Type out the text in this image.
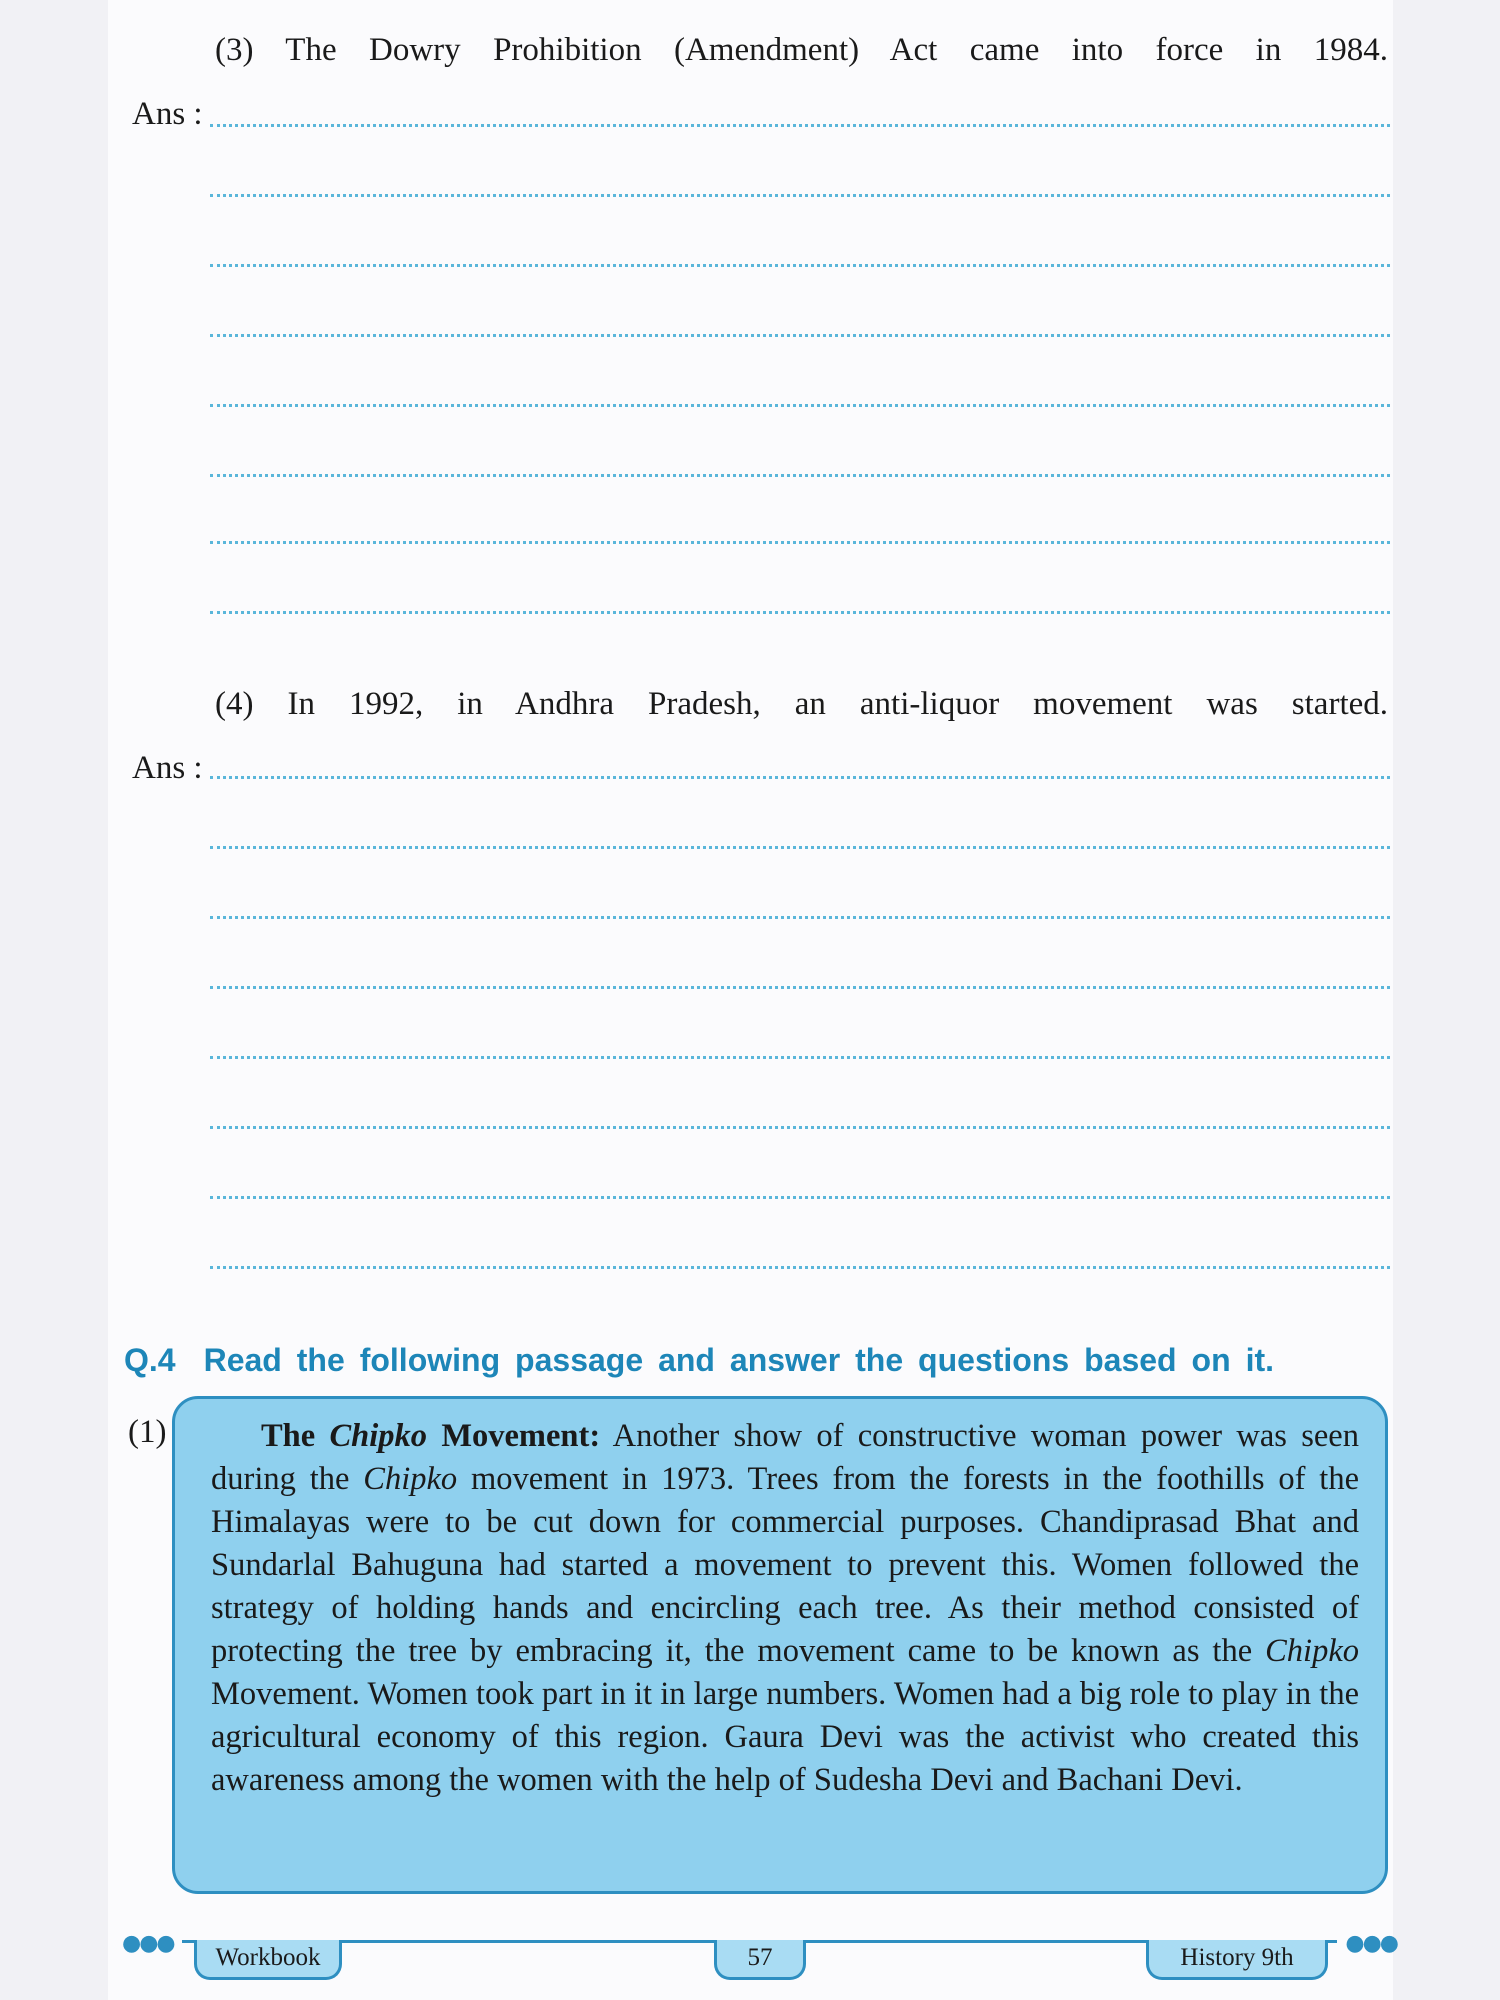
(3) The Dowry Prohibition (Amendment) Act came into force in 1984.
Ans :
(4) In 1992, in Andhra Pradesh, an anti-liquor movement was started.
Ans :
Q.4 Read the following passage and answer the questions based on it.
(1)	The Chipko Movement: Another show of constructive woman power was seen during the Chipko movement in 1973. Trees from the forests in the foothills of the Himalayas were to be cut down for commercial purposes. Chandiprasad Bhat and Sundarlal Bahuguna had started a movement to prevent this. Women followed the strategy of holding hands and encircling each tree. As their method consisted of protecting the tree by embracing it, the movement came to be known as the Chipko Movement. Women took part in it in large numbers. Women had a big role to play in the agricultural economy of this region. Gaura Devi was the activist who created this awareness among the women with the help of Sudesha Devi and Bachani Devi.
●●●	●●●
Workbook	57	History 9th
